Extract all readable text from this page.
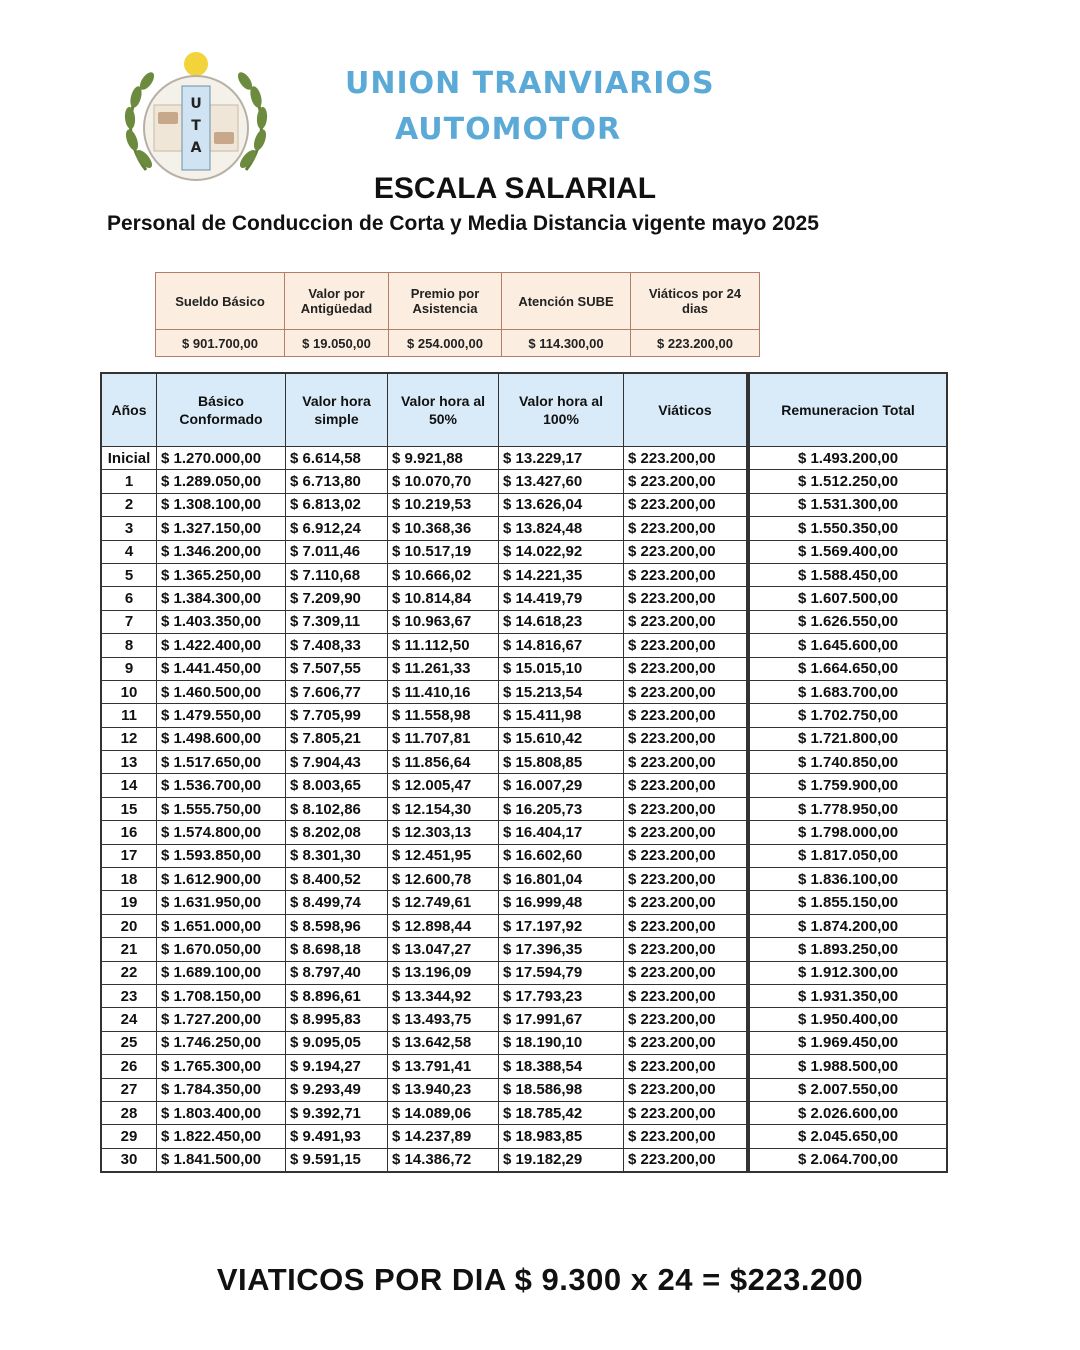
U
T
A
UNION TRANVIARIOS
AUTOMOTOR
ESCALA SALARIAL
Personal de Conduccion de Corta y Media Distancia vigente mayo 2025
Sueldo Básico	Valor por Antigüedad	Premio por Asistencia	Atención SUBE	Viáticos por 24 dias
$ 901.700,00	$ 19.050,00	$ 254.000,00	$ 114.300,00	$ 223.200,00
Años	Básico Conformado	Valor hora simple	Valor hora al 50%	Valor hora al 100%	Viáticos	Remuneracion Total
Inicial	$ 1.270.000,00	$ 6.614,58	$ 9.921,88	$ 13.229,17	$ 223.200,00	$ 1.493.200,00
1	$ 1.289.050,00	$ 6.713,80	$ 10.070,70	$ 13.427,60	$ 223.200,00	$ 1.512.250,00
2	$ 1.308.100,00	$ 6.813,02	$ 10.219,53	$ 13.626,04	$ 223.200,00	$ 1.531.300,00
3	$ 1.327.150,00	$ 6.912,24	$ 10.368,36	$ 13.824,48	$ 223.200,00	$ 1.550.350,00
4	$ 1.346.200,00	$ 7.011,46	$ 10.517,19	$ 14.022,92	$ 223.200,00	$ 1.569.400,00
5	$ 1.365.250,00	$ 7.110,68	$ 10.666,02	$ 14.221,35	$ 223.200,00	$ 1.588.450,00
6	$ 1.384.300,00	$ 7.209,90	$ 10.814,84	$ 14.419,79	$ 223.200,00	$ 1.607.500,00
7	$ 1.403.350,00	$ 7.309,11	$ 10.963,67	$ 14.618,23	$ 223.200,00	$ 1.626.550,00
8	$ 1.422.400,00	$ 7.408,33	$ 11.112,50	$ 14.816,67	$ 223.200,00	$ 1.645.600,00
9	$ 1.441.450,00	$ 7.507,55	$ 11.261,33	$ 15.015,10	$ 223.200,00	$ 1.664.650,00
10	$ 1.460.500,00	$ 7.606,77	$ 11.410,16	$ 15.213,54	$ 223.200,00	$ 1.683.700,00
11	$ 1.479.550,00	$ 7.705,99	$ 11.558,98	$ 15.411,98	$ 223.200,00	$ 1.702.750,00
12	$ 1.498.600,00	$ 7.805,21	$ 11.707,81	$ 15.610,42	$ 223.200,00	$ 1.721.800,00
13	$ 1.517.650,00	$ 7.904,43	$ 11.856,64	$ 15.808,85	$ 223.200,00	$ 1.740.850,00
14	$ 1.536.700,00	$ 8.003,65	$ 12.005,47	$ 16.007,29	$ 223.200,00	$ 1.759.900,00
15	$ 1.555.750,00	$ 8.102,86	$ 12.154,30	$ 16.205,73	$ 223.200,00	$ 1.778.950,00
16	$ 1.574.800,00	$ 8.202,08	$ 12.303,13	$ 16.404,17	$ 223.200,00	$ 1.798.000,00
17	$ 1.593.850,00	$ 8.301,30	$ 12.451,95	$ 16.602,60	$ 223.200,00	$ 1.817.050,00
18	$ 1.612.900,00	$ 8.400,52	$ 12.600,78	$ 16.801,04	$ 223.200,00	$ 1.836.100,00
19	$ 1.631.950,00	$ 8.499,74	$ 12.749,61	$ 16.999,48	$ 223.200,00	$ 1.855.150,00
20	$ 1.651.000,00	$ 8.598,96	$ 12.898,44	$ 17.197,92	$ 223.200,00	$ 1.874.200,00
21	$ 1.670.050,00	$ 8.698,18	$ 13.047,27	$ 17.396,35	$ 223.200,00	$ 1.893.250,00
22	$ 1.689.100,00	$ 8.797,40	$ 13.196,09	$ 17.594,79	$ 223.200,00	$ 1.912.300,00
23	$ 1.708.150,00	$ 8.896,61	$ 13.344,92	$ 17.793,23	$ 223.200,00	$ 1.931.350,00
24	$ 1.727.200,00	$ 8.995,83	$ 13.493,75	$ 17.991,67	$ 223.200,00	$ 1.950.400,00
25	$ 1.746.250,00	$ 9.095,05	$ 13.642,58	$ 18.190,10	$ 223.200,00	$ 1.969.450,00
26	$ 1.765.300,00	$ 9.194,27	$ 13.791,41	$ 18.388,54	$ 223.200,00	$ 1.988.500,00
27	$ 1.784.350,00	$ 9.293,49	$ 13.940,23	$ 18.586,98	$ 223.200,00	$ 2.007.550,00
28	$ 1.803.400,00	$ 9.392,71	$ 14.089,06	$ 18.785,42	$ 223.200,00	$ 2.026.600,00
29	$ 1.822.450,00	$ 9.491,93	$ 14.237,89	$ 18.983,85	$ 223.200,00	$ 2.045.650,00
30	$ 1.841.500,00	$ 9.591,15	$ 14.386,72	$ 19.182,29	$ 223.200,00	$ 2.064.700,00
VIATICOS POR DIA $ 9.300 x 24 = $223.200
